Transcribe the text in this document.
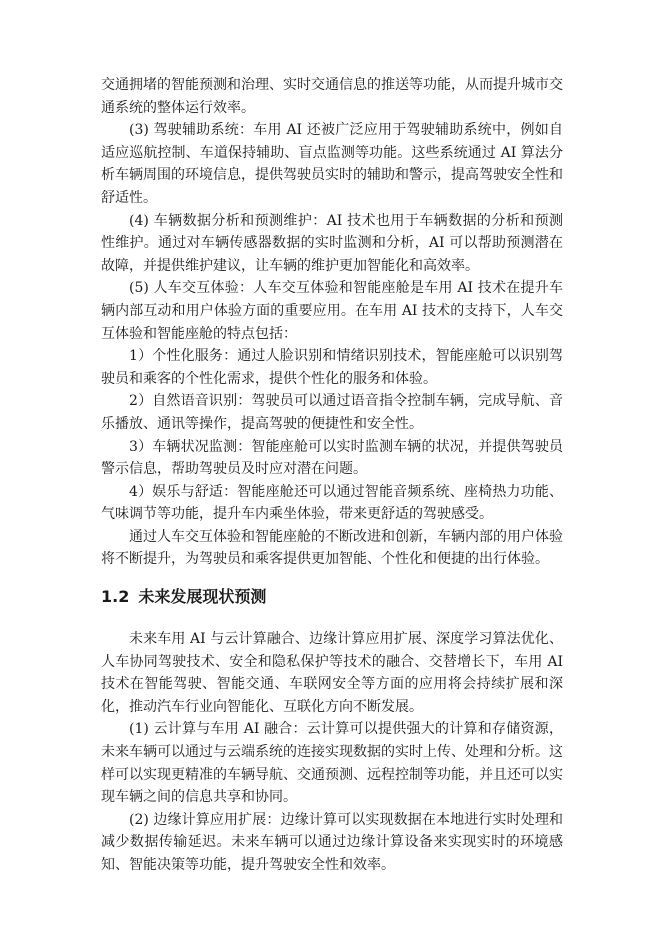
交通拥堵的智能预测和治理、实时交通信息的推送等功能，从而提升城市交通系统的整体运行效率。

(3) 驾驶辅助系统：车用 AI 还被广泛应用于驾驶辅助系统中，例如自适应巡航控制、车道保持辅助、盲点监测等功能。这些系统通过 AI 算法分析车辆周围的环境信息，提供驾驶员实时的辅助和警示，提高驾驶安全性和舒适性。

(4) 车辆数据分析和预测维护：AI 技术也用于车辆数据的分析和预测性维护。通过对车辆传感器数据的实时监测和分析，AI 可以帮助预测潜在故障，并提供维护建议，让车辆的维护更加智能化和高效率。

(5) 人车交互体验：人车交互体验和智能座舱是车用 AI 技术在提升车辆内部互动和用户体验方面的重要应用。在车用 AI 技术的支持下，人车交互体验和智能座舱的特点包括：

1）个性化服务：通过人脸识别和情绪识别技术，智能座舱可以识别驾驶员和乘客的个性化需求，提供个性化的服务和体验。

2）自然语音识别：驾驶员可以通过语音指令控制车辆，完成导航、音乐播放、通讯等操作，提高驾驶的便捷性和安全性。

3）车辆状况监测：智能座舱可以实时监测车辆的状况，并提供驾驶员警示信息，帮助驾驶员及时应对潜在问题。

4）娱乐与舒适：智能座舱还可以通过智能音频系统、座椅热力功能、气味调节等功能，提升车内乘坐体验，带来更舒适的驾驶感受。

通过人车交互体验和智能座舱的不断改进和创新，车辆内部的用户体验将不断提升，为驾驶员和乘客提供更加智能、个性化和便捷的出行体验。

1.2 未来发展现状预测

未来车用 AI 与云计算融合、边缘计算应用扩展、深度学习算法优化、人车协同驾驶技术、安全和隐私保护等技术的融合、交替增长下，车用 AI 技术在智能驾驶、智能交通、车联网安全等方面的应用将会持续扩展和深化，推动汽车行业向智能化、互联化方向不断发展。

(1) 云计算与车用 AI 融合：云计算可以提供强大的计算和存储资源，未来车辆可以通过与云端系统的连接实现数据的实时上传、处理和分析。这样可以实现更精准的车辆导航、交通预测、远程控制等功能，并且还可以实现车辆之间的信息共享和协同。

(2) 边缘计算应用扩展：边缘计算可以实现数据在本地进行实时处理和减少数据传输延迟。未来车辆可以通过边缘计算设备来实现实时的环境感知、智能决策等功能，提升驾驶安全性和效率。
